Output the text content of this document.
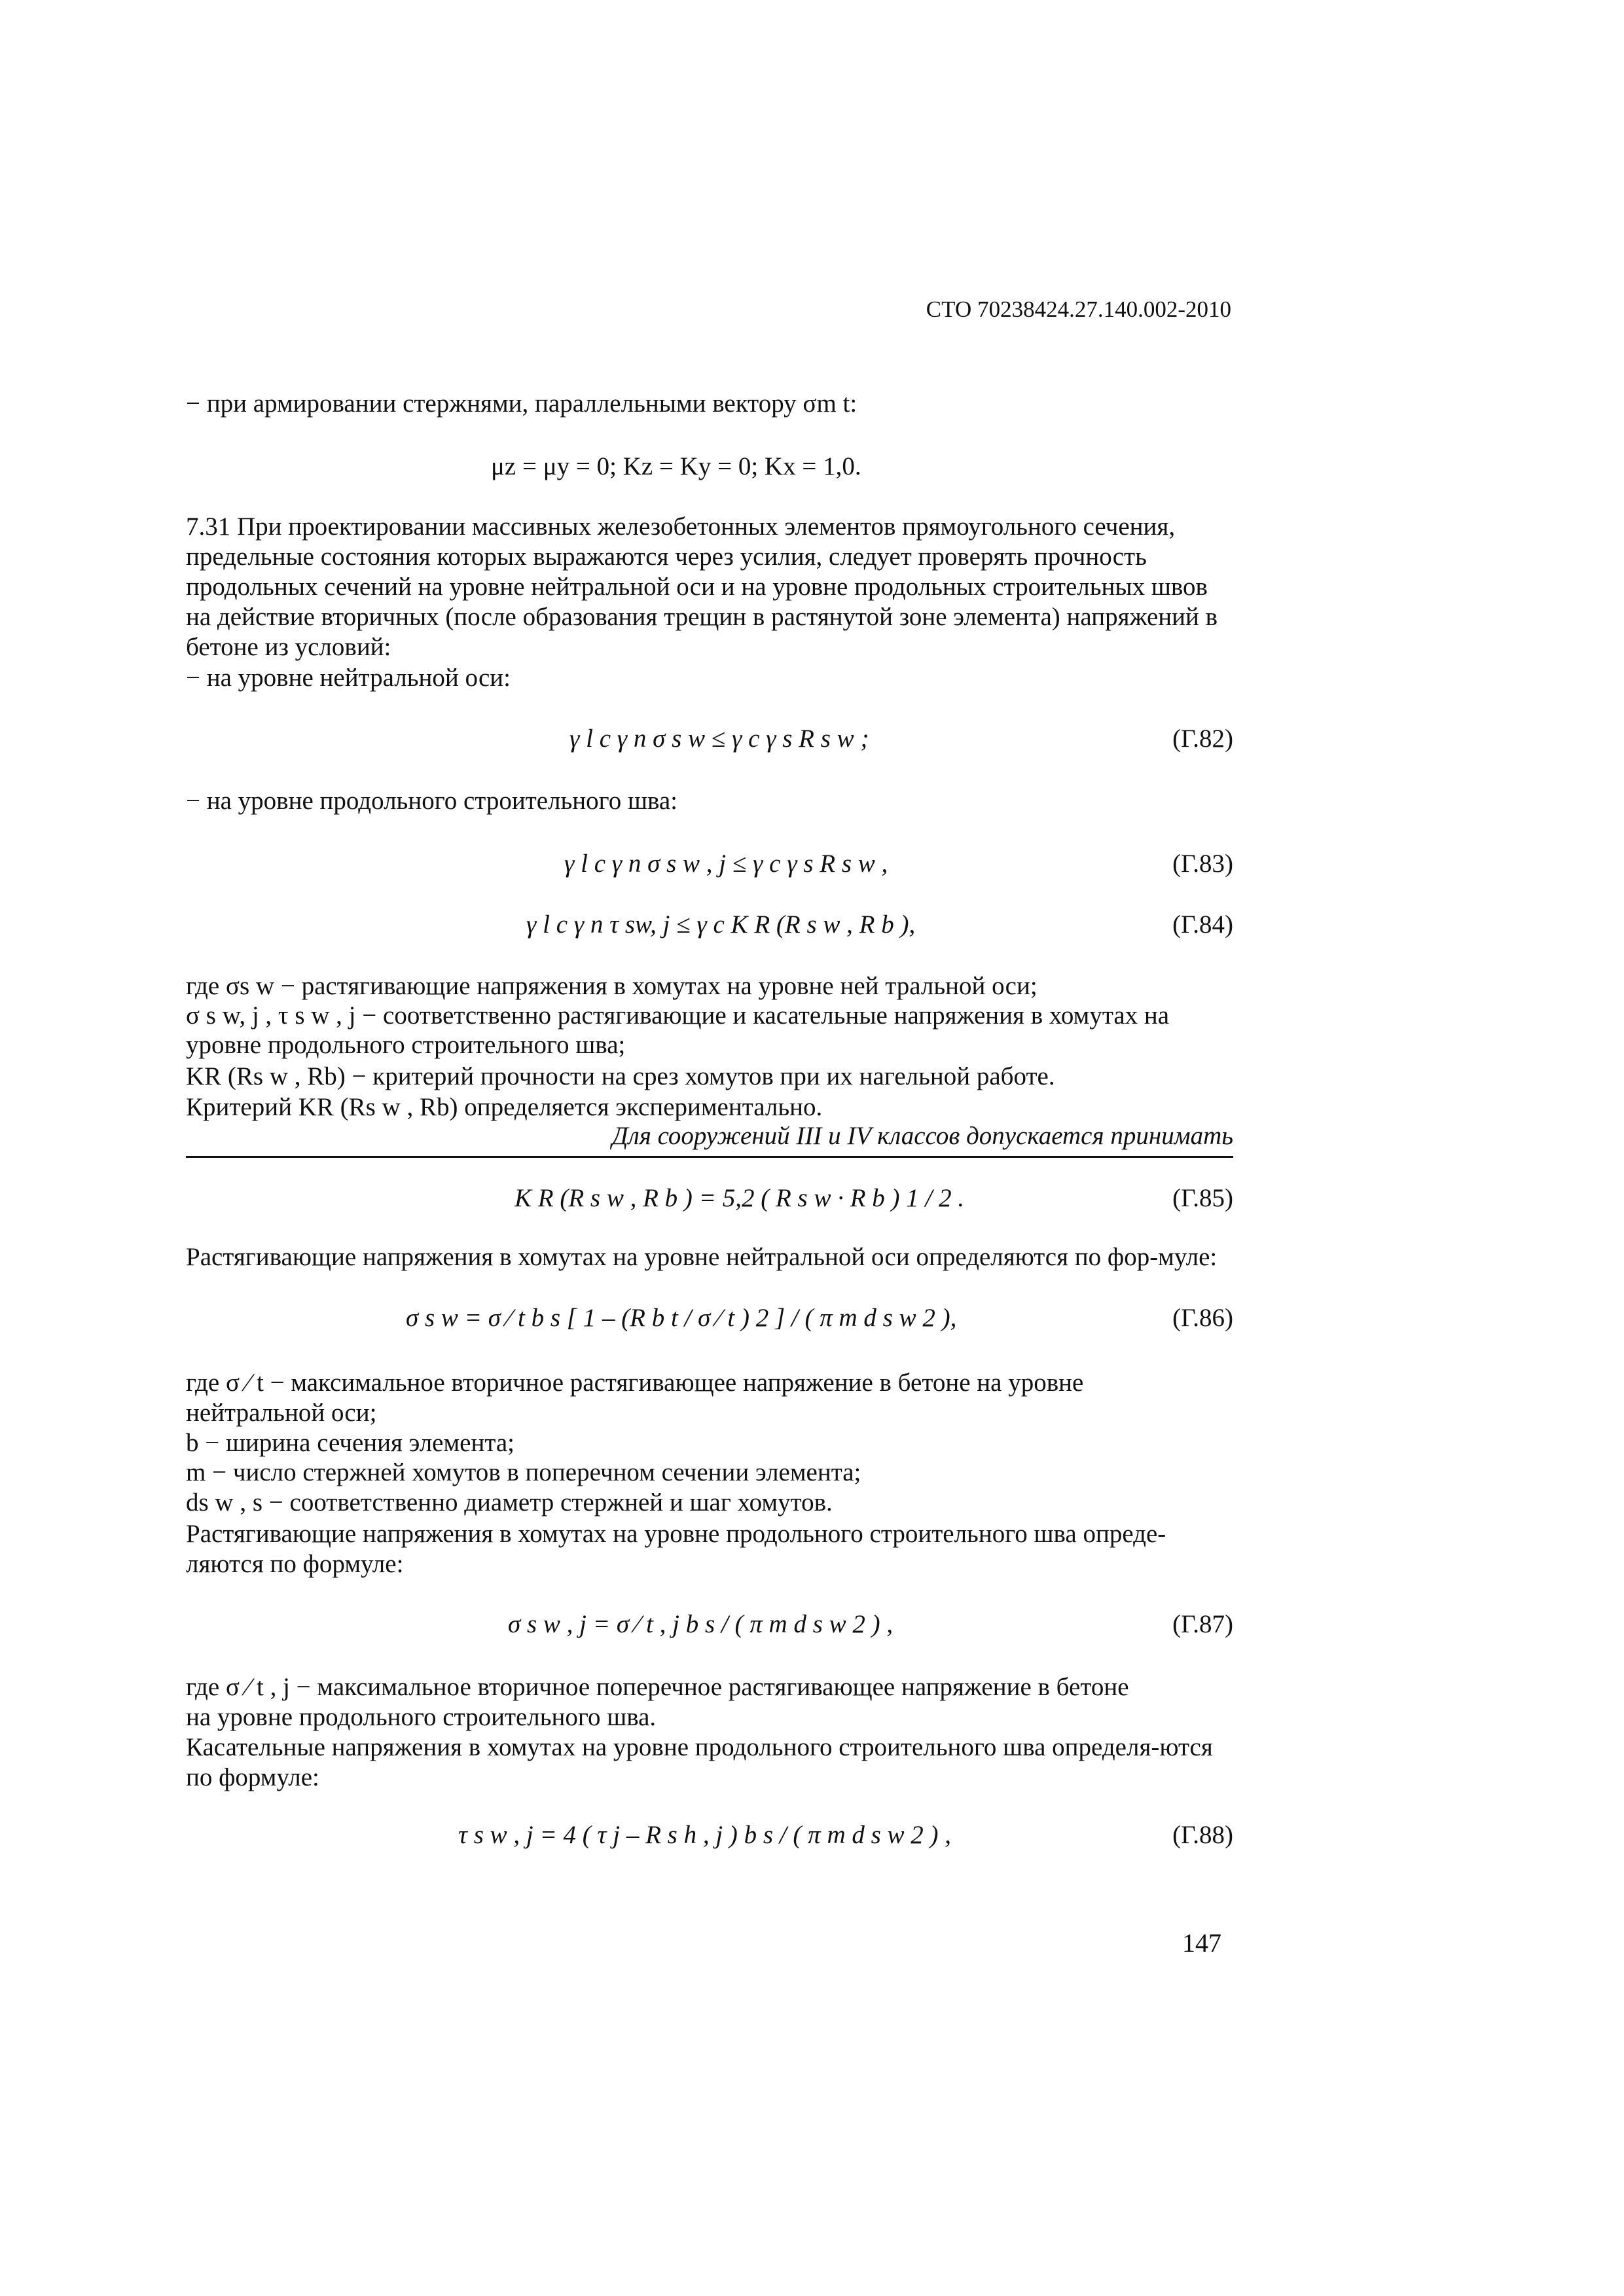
СТО 70238424.27.140.002-2010

− при армировании стержнями, параллельными вектору σm t:

μz = μy = 0; Kz = Ky = 0; Kx = 1,0.

7.31 При проектировании массивных железобетонных элементов прямоугольного сечения, предельные состояния которых выражаются через усилия, следует проверять прочность продольных сечений на уровне нейтральной оси и на уровне продольных строительных швов на действие вторичных (после образования трещин в растянутой зоне элемента) напряжений в бетоне из условий:

− на уровне нейтральной оси:

γ l c γ n σ s w ≤ γ c γ s R s w ;	(Г.82)

− на уровне продольного строительного шва:

γ l c γ n σ s w , j ≤ γ c γ s R s w ,	(Г.83)
γ l c γ n τ sw, j ≤ γ c K R (R s w , R b ),	(Г.84)

где σs w − растягивающие напряжения в хомутах на уровне ней тральной оси;

σ s w, j , τ s w , j − соответственно растягивающие и касательные напряжения в хомутах на

уровне продольного строительного шва;

KR (Rs w , Rb) − критерий прочности на срез хомутов при их нагельной работе.

Критерий KR (Rs w , Rb) определяется экспериментально.

Для сооружений III и IV классов допускается принимать

K R (R s w , R b ) = 5,2 ( R s w · R b ) 1 / 2 .	(Г.85)

Растягивающие напряжения в хомутах на уровне нейтральной оси определяются по фор-муле:

σ s w = σ ⁄ t b s [ 1 – (R b t / σ ⁄ t ) 2 ] / ( π m d s w 2 ),	(Г.86)

где σ ⁄ t − максимальное вторичное растягивающее напряжение в бетоне на уровне

нейтральной оси;

b − ширина сечения элемента;

m − число стержней хомутов в поперечном сечении элемента;

ds w , s − соответственно диаметр стержней и шаг хомутов.

Растягивающие напряжения в хомутах на уровне продольного строительного шва опреде-ляются по формуле:

σ s w , j = σ ⁄ t , j b s / ( π m d s w 2 ) ,	(Г.87)

где σ ⁄ t , j − максимальное вторичное поперечное растягивающее напряжение в бетоне

на уровне продольного строительного шва.

Касательные напряжения в хомутах на уровне продольного строительного шва определя-ются по формуле:

τ s w , j = 4 ( τ j – R s h , j ) b s / ( π m d s w 2 ) ,	(Г.88)
147
